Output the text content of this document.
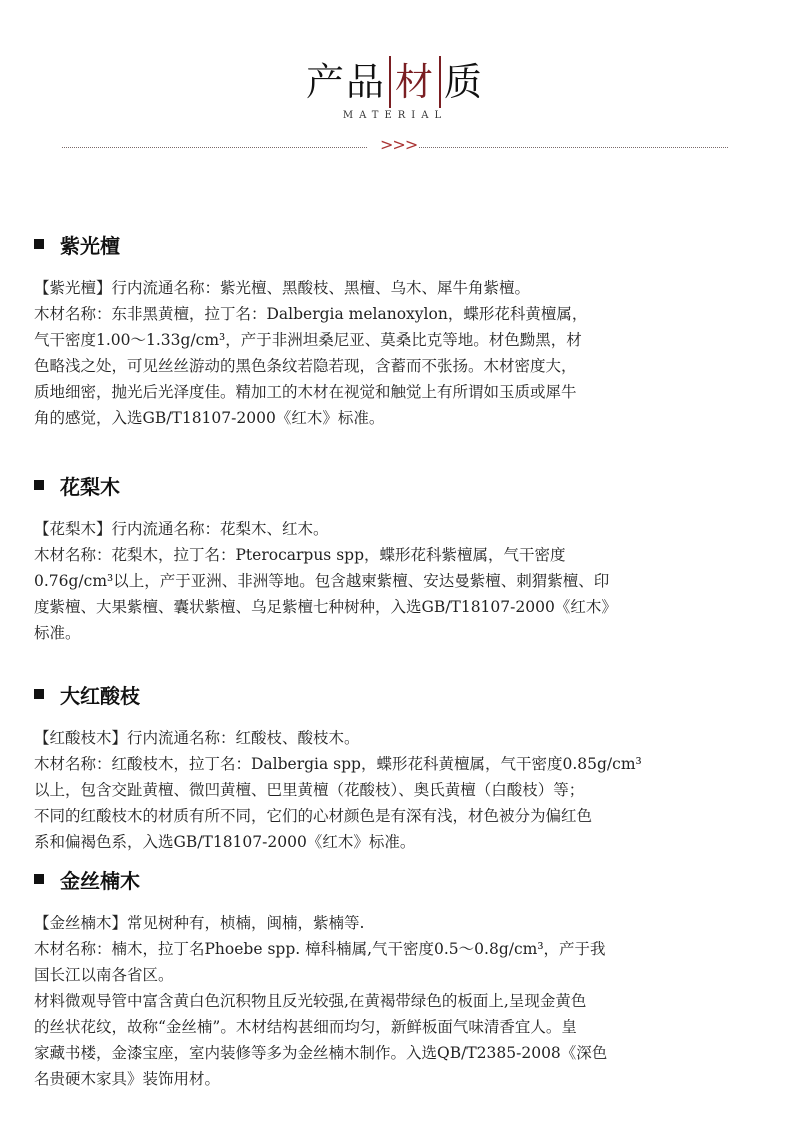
产品 材 质
MATERIAL
>>>
紫光檀

【紫光檀】行内流通名称：紫光檀、黑酸枝、黑檀、乌木、犀牛角紫檀。

木材名称：东非黑黄檀，拉丁名：Dalbergia melanoxylon，蝶形花科黄檀属，

气干密度1.00～1.33g/cm³，产于非洲坦桑尼亚、莫桑比克等地。材色黝黑，材

色略浅之处，可见丝丝游动的黑色条纹若隐若现，含蓄而不张扬。木材密度大，

质地细密，抛光后光泽度佳。精加工的木材在视觉和触觉上有所谓如玉质或犀牛

角的感觉，入选GB/T18107-2000《红木》标准。

花梨木

【花梨木】行内流通名称：花梨木、红木。

木材名称：花梨木，拉丁名：Pterocarpus spp，蝶形花科紫檀属，气干密度

0.76g/cm³以上，产于亚洲、非洲等地。包含越柬紫檀、安达曼紫檀、刺猬紫檀、印

度紫檀、大果紫檀、囊状紫檀、乌足紫檀七种树种，入选GB/T18107-2000《红木》

标准。

大红酸枝

【红酸枝木】行内流通名称：红酸枝、酸枝木。

木材名称：红酸枝木，拉丁名：Dalbergia spp，蝶形花科黄檀属，气干密度0.85g/cm³

以上，包含交趾黄檀、微凹黄檀、巴里黄檀（花酸枝）、奥氏黄檀（白酸枝）等；

不同的红酸枝木的材质有所不同，它们的心材颜色是有深有浅，材色被分为偏红色

系和偏褐色系，入选GB/T18107-2000《红木》标准。

金丝楠木

【金丝楠木】常见树种有，桢楠，闽楠，紫楠等.

木材名称：楠木，拉丁名Phoebe spp. 樟科楠属,气干密度0.5～0.8g/cm³，产于我

国长江以南各省区。

材料微观导管中富含黄白色沉积物且反光较强,在黄褐带绿色的板面上,呈现金黄色

的丝状花纹，故称“金丝楠”。木材结构甚细而均匀，新鲜板面气味清香宜人。皇

家藏书楼，金漆宝座，室内装修等多为金丝楠木制作。入选QB/T2385-2008《深色

名贵硬木家具》装饰用材。
